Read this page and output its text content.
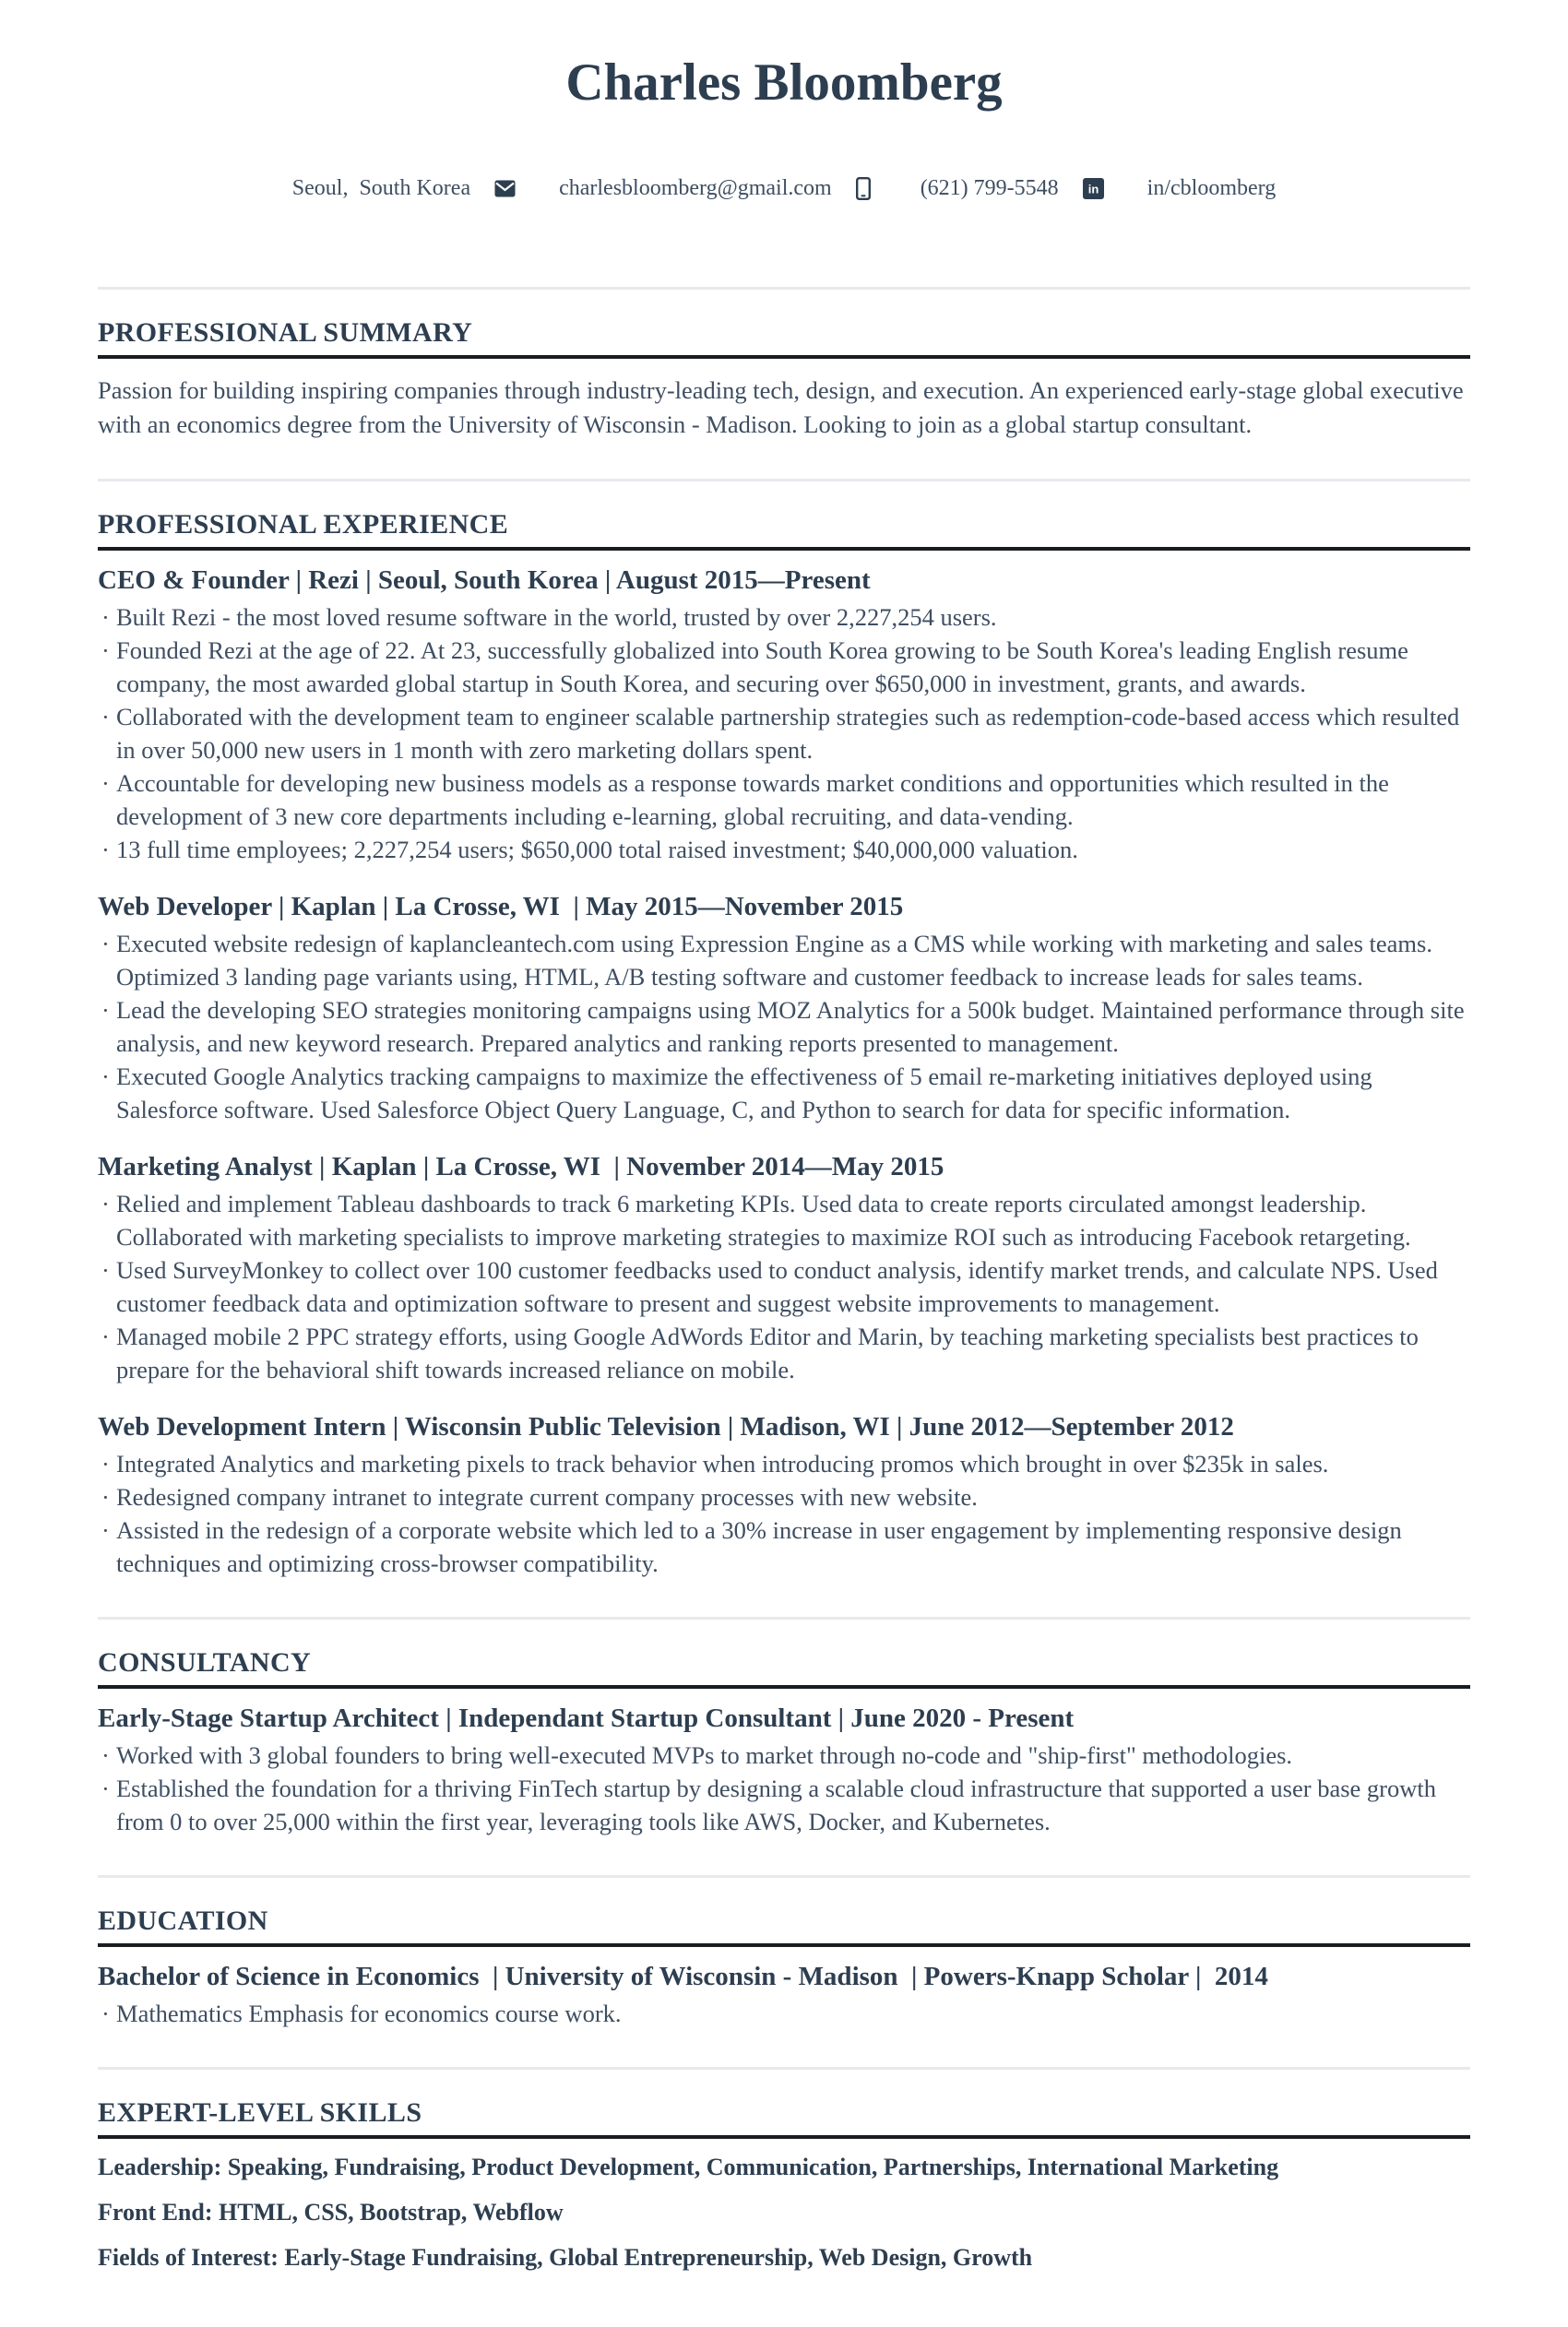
Charles Bloomberg
Seoul,  South Korea

	charlesbloomberg@gmail.com

	(621) 799-5548

in

in/cbloomberg
PROFESSIONAL SUMMARY

Passion for building inspiring companies through industry-leading tech, design, and execution. An experienced early-stage global executive with an economics degree from the University of Wisconsin - Madison. Looking to join as a global startup consultant.

PROFESSIONAL EXPERIENCE
CEO & Founder | Rezi | Seoul, South Korea | August 2015—Present
· Built Rezi - the most loved resume software in the world, trusted by over 2,227,254 users.
· Founded Rezi at the age of 22. At 23, successfully globalized into South Korea growing to be South Korea's leading English resume company, the most awarded global startup in South Korea, and securing over $650,000 in investment, grants, and awards.
· Collaborated with the development team to engineer scalable partnership strategies such as redemption-code-based access which resulted in over 50,000 new users in 1 month with zero marketing dollars spent.
· Accountable for developing new business models as a response towards market conditions and opportunities which resulted in the development of 3 new core departments including e-learning, global recruiting, and data-vending.
· 13 full time employees; 2,227,254 users; $650,000 total raised investment; $40,000,000 valuation.
Web Developer | Kaplan | La Crosse, WI  | May 2015—November 2015
· Executed website redesign of kaplancleantech.com using Expression Engine as a CMS while working with marketing and sales teams. Optimized 3 landing page variants using, HTML, A/B testing software and customer feedback to increase leads for sales teams.
· Lead the developing SEO strategies monitoring campaigns using MOZ Analytics for a 500k budget. Maintained performance through site analysis, and new keyword research. Prepared analytics and ranking reports presented to management.
· Executed Google Analytics tracking campaigns to maximize the effectiveness of 5 email re-marketing initiatives deployed using Salesforce software. Used Salesforce Object Query Language, C, and Python to search for data for specific information.
Marketing Analyst | Kaplan | La Crosse, WI  | November 2014—May 2015
· Relied and implement Tableau dashboards to track 6 marketing KPIs. Used data to create reports circulated amongst leadership. Collaborated with marketing specialists to improve marketing strategies to maximize ROI such as introducing Facebook retargeting.
· Used SurveyMonkey to collect over 100 customer feedbacks used to conduct analysis, identify market trends, and calculate NPS. Used customer feedback data and optimization software to present and suggest website improvements to management.
· Managed mobile 2 PPC strategy efforts, using Google AdWords Editor and Marin, by teaching marketing specialists best practices to prepare for the behavioral shift towards increased reliance on mobile.
Web Development Intern | Wisconsin Public Television | Madison, WI | June 2012—September 2012
· Integrated Analytics and marketing pixels to track behavior when introducing promos which brought in over $235k in sales.
· Redesigned company intranet to integrate current company processes with new website.
· Assisted in the redesign of a corporate website which led to a 30% increase in user engagement by implementing responsive design techniques and optimizing cross-browser compatibility.
CONSULTANCY
Early-Stage Startup Architect | Independant Startup Consultant | June 2020 - Present
· Worked with 3 global founders to bring well-executed MVPs to market through no-code and "ship-first" methodologies.
· Established the foundation for a thriving FinTech startup by designing a scalable cloud infrastructure that supported a user base growth from 0 to over 25,000 within the first year, leveraging tools like AWS, Docker, and Kubernetes.
EDUCATION
Bachelor of Science in Economics  | University of Wisconsin - Madison  | Powers-Knapp Scholar |  2014
· Mathematics Emphasis for economics course work.
EXPERT-LEVEL SKILLS

Leadership: Speaking, Fundraising, Product Development, Communication, Partnerships, International Marketing

Front End: HTML, CSS, Bootstrap, Webflow

Fields of Interest: Early-Stage Fundraising, Global Entrepreneurship, Web Design, Growth
